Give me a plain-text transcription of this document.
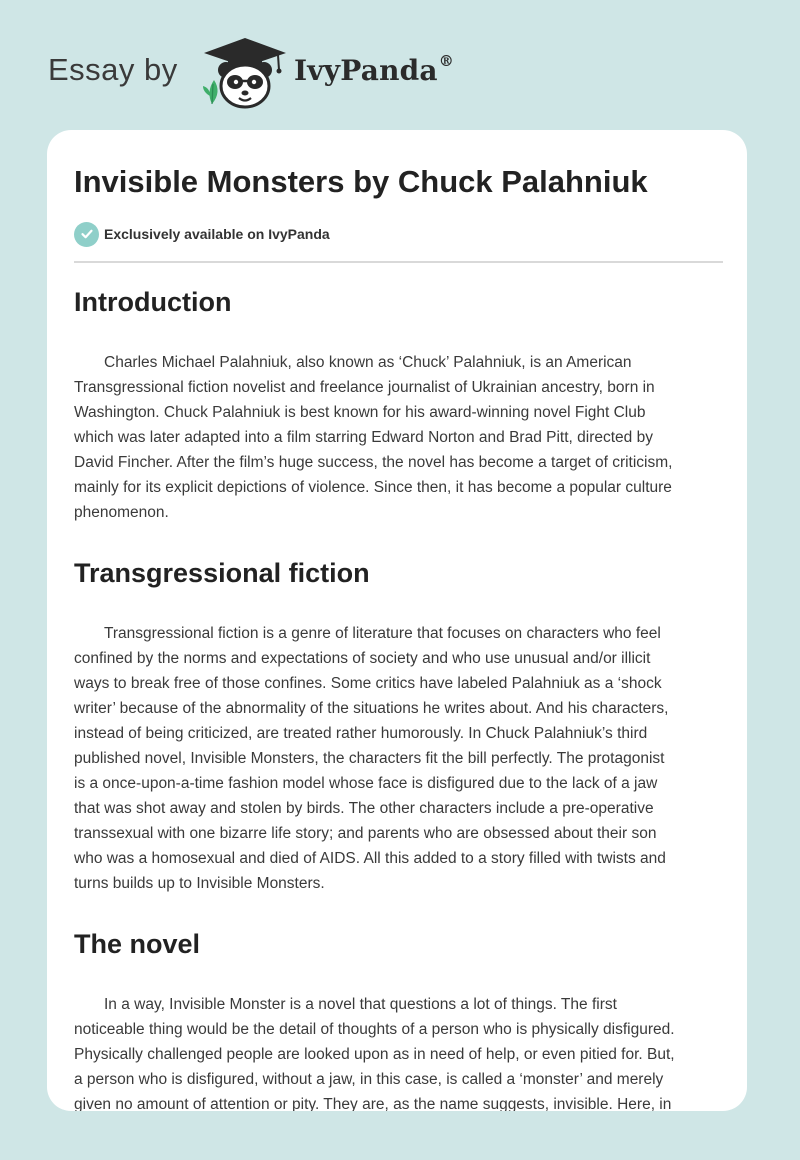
Essay by	IvyPanda®
Invisible Monsters by Chuck Palahniuk
Exclusively available on IvyPanda
Introduction

Charles Michael Palahniuk, also known as ‘Chuck’ Palahniuk, is an American
Transgressional fiction novelist and freelance journalist of Ukrainian ancestry, born in
Washington. Chuck Palahniuk is best known for his award-winning novel Fight Club
which was later adapted into a film starring Edward Norton and Brad Pitt, directed by
David Fincher. After the film’s huge success, the novel has become a target of criticism,
mainly for its explicit depictions of violence. Since then, it has become a popular culture
phenomenon.

Transgressional fiction

Transgressional fiction is a genre of literature that focuses on characters who feel
confined by the norms and expectations of society and who use unusual and/or illicit
ways to break free of those confines. Some critics have labeled Palahniuk as a ‘shock
writer’ because of the abnormality of the situations he writes about. And his characters,
instead of being criticized, are treated rather humorously. In Chuck Palahniuk’s third
published novel, Invisible Monsters, the characters fit the bill perfectly. The protagonist
is a once-upon-a-time fashion model whose face is disfigured due to the lack of a jaw
that was shot away and stolen by birds. The other characters include a pre-operative
transsexual with one bizarre life story; and parents who are obsessed about their son
who was a homosexual and died of AIDS. All this added to a story filled with twists and
turns builds up to Invisible Monsters.

The novel

In a way, Invisible Monster is a novel that questions a lot of things. The first
noticeable thing would be the detail of thoughts of a person who is physically disfigured.
Physically challenged people are looked upon as in need of help, or even pitied for. But,
a person who is disfigured, without a jaw, in this case, is called a ‘monster’ and merely
given no amount of attention or pity. They are, as the name suggests, invisible. Here, in
